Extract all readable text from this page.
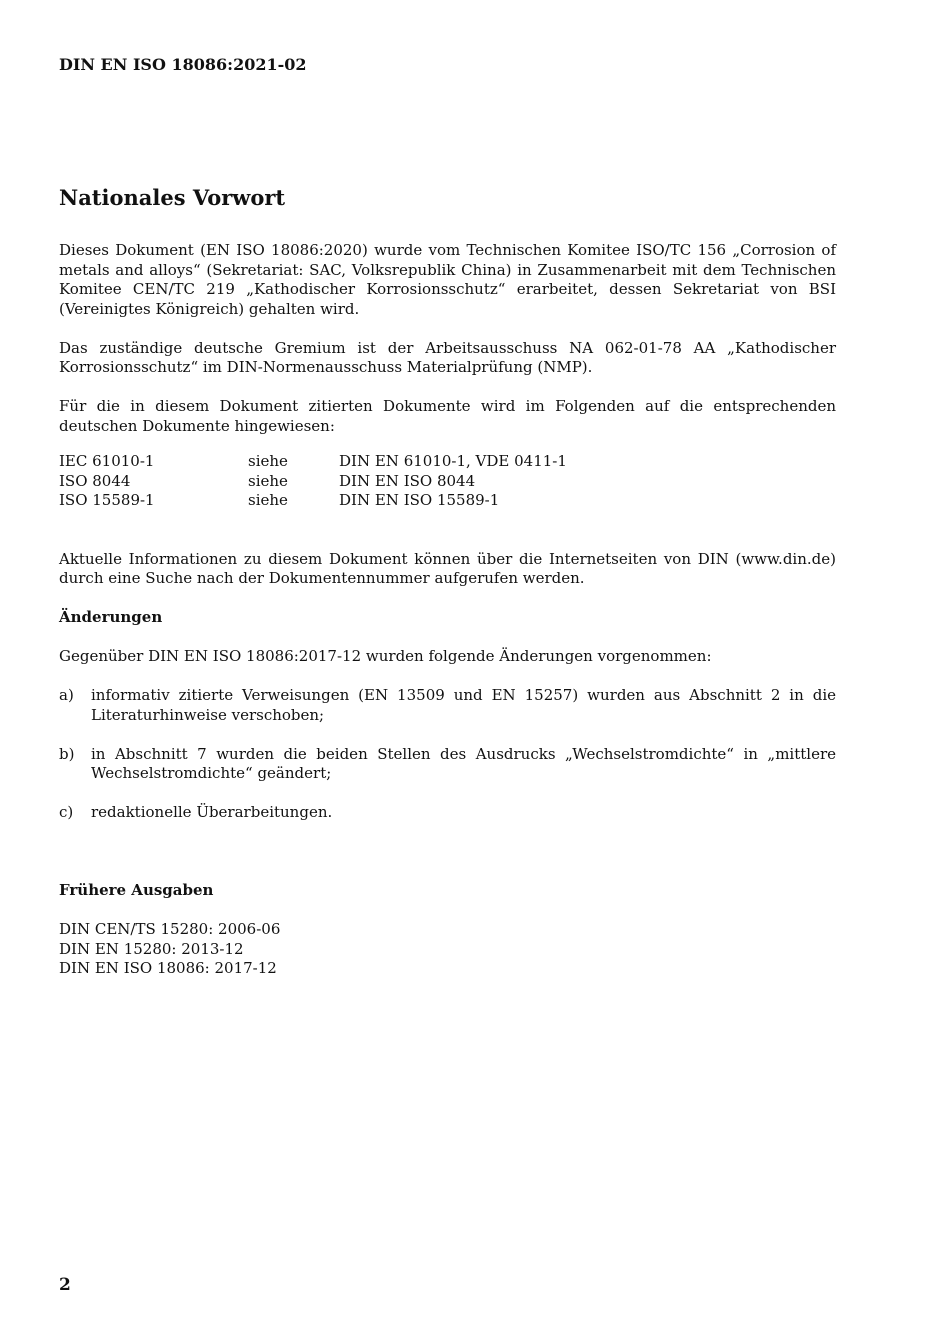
DIN EN ISO 18086:2021-02
Nationales Vorwort

Dieses Dokument (EN ISO 18086:2020) wurde vom Technischen Komitee ISO/TC 156 „Corrosion of metals and alloys“ (Sekretariat: SAC, Volksrepublik China) in Zusammenarbeit mit dem Technischen Komitee CEN/TC 219 „Kathodischer Korrosionsschutz“ erarbeitet, dessen Sekretariat von BSI (Vereinigtes Königreich) gehalten wird.

Das zuständige deutsche Gremium ist der Arbeitsausschuss NA 062-01-78 AA „Kathodischer Korrosionsschutz“ im DIN-Normenausschuss Materialprüfung (NMP).

Für die in diesem Dokument zitierten Dokumente wird im Folgenden auf die entsprechenden deutschen Dokumente hingewiesen:

IEC 61010-1	siehe	DIN EN 61010-1, VDE 0411-1
ISO 8044	siehe	DIN EN ISO 8044
ISO 15589-1	siehe	DIN EN ISO 15589-1

Aktuelle Informationen zu diesem Dokument können über die Internetseiten von DIN (www.din.de) durch eine Suche nach der Dokumentennummer aufgerufen werden.

Änderungen

Gegenüber DIN EN ISO 18086:2017-12 wurden folgende Änderungen vorgenommen:

a)	informativ zitierte Verweisungen (EN 13509 und EN 15257) wurden aus Abschnitt 2 in die Literaturhinweise verschoben;
b)	in Abschnitt 7 wurden die beiden Stellen des Ausdrucks „Wechselstromdichte“ in „mittlere Wechselstromdichte“ geändert;
c)	redaktionelle Überarbeitungen.
Frühere Ausgaben
DIN CEN/TS 15280: 2006-06
DIN EN 15280: 2013-12
DIN EN ISO 18086: 2017-12
2
